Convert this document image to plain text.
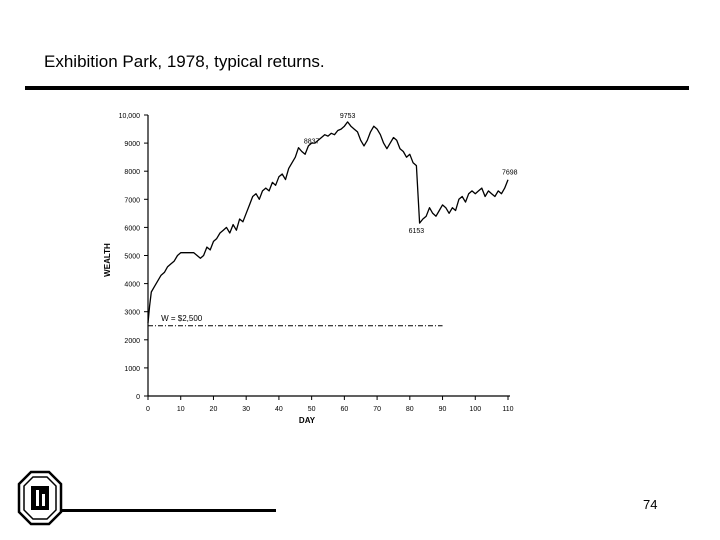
Exhibition Park, 1978, typical returns.
0
1000
2000
3000
4000
5000
6000
7000
8000
9000
10,000
0	10	20	30	40	50	60	70	80	90	100	110
WEALTH
DAY
W = $2,500
8837
9753
6153
7698
74
